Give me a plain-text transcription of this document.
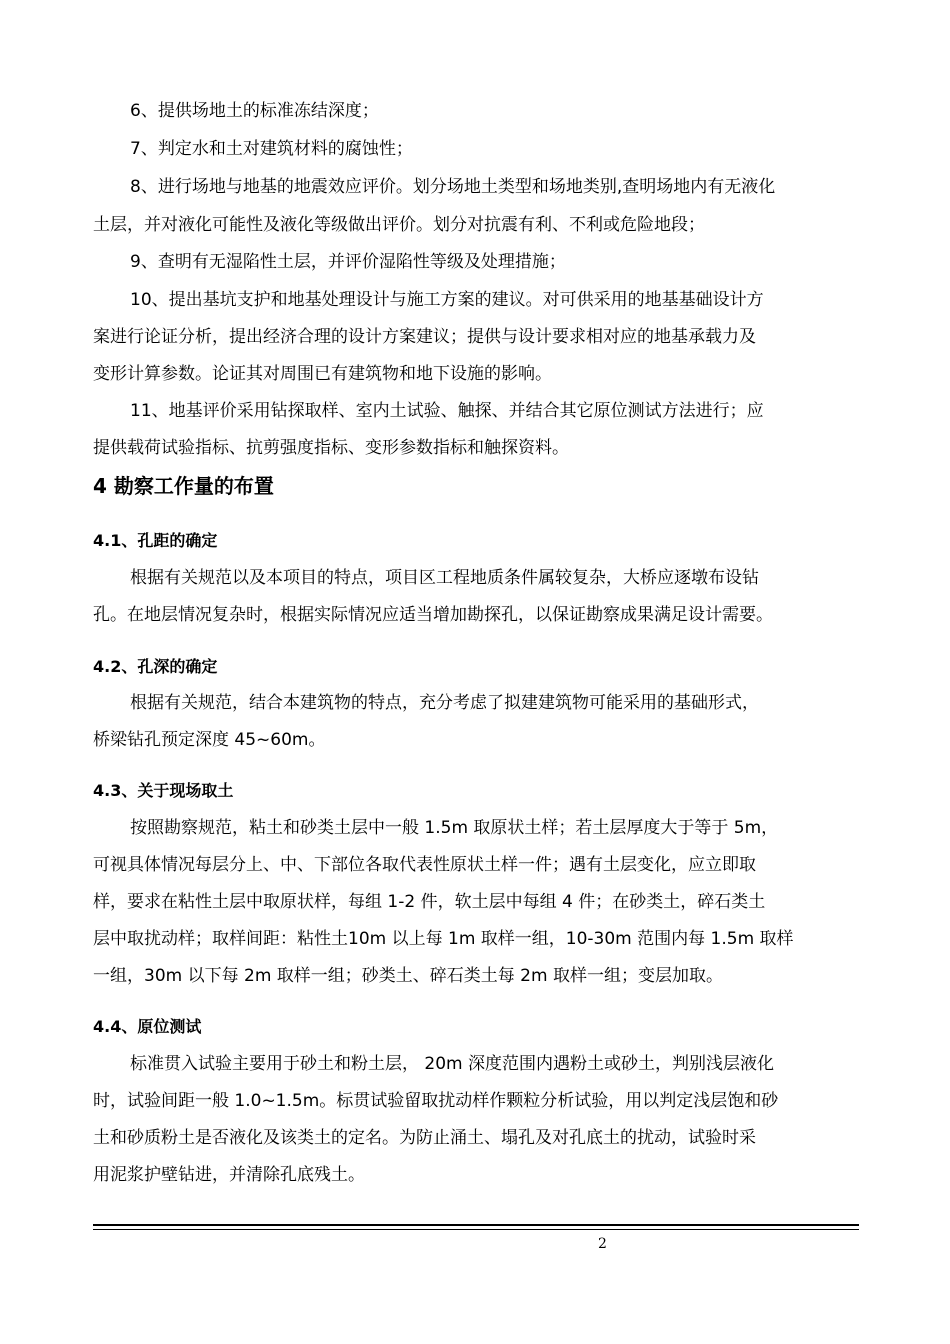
6、提供场地土的标准冻结深度；
7、判定水和土对建筑材料的腐蚀性；
8、进行场地与地基的地震效应评价。划分场地土类型和场地类别,查明场地内有无液化
土层，并对液化可能性及液化等级做出评价。划分对抗震有利、不利或危险地段；
9、查明有无湿陷性土层，并评价湿陷性等级及处理措施；
10、提出基坑支护和地基处理设计与施工方案的建议。对可供采用的地基基础设计方
案进行论证分析，提出经济合理的设计方案建议；提供与设计要求相对应的地基承载力及
变形计算参数。论证其对周围已有建筑物和地下设施的影响。
11、地基评价采用钻探取样、室内土试验、触探、并结合其它原位测试方法进行；应
提供载荷试验指标、抗剪强度指标、变形参数指标和触探资料。
4 勘察工作量的布置
4.1、孔距的确定
根据有关规范以及本项目的特点，项目区工程地质条件属较复杂，大桥应逐墩布设钻
孔。在地层情况复杂时，根据实际情况应适当增加勘探孔，以保证勘察成果满足设计需要。
4.2、孔深的确定
根据有关规范，结合本建筑物的特点，充分考虑了拟建建筑物可能采用的基础形式，
桥梁钻孔预定深度 45~60m。
4.3、关于现场取土
按照勘察规范，粘土和砂类土层中一般 1.5m 取原状土样；若土层厚度大于等于 5m，
可视具体情况每层分上、中、下部位各取代表性原状土样一件；遇有土层变化，应立即取
样，要求在粘性土层中取原状样，每组 1-2 件，软土层中每组 4 件；在砂类土，碎石类土
层中取扰动样；取样间距：粘性土10m 以上每 1m 取样一组，10-30m 范围内每 1.5m 取样
一组，30m 以下每 2m 取样一组；砂类土、碎石类土每 2m 取样一组；变层加取。
4.4、原位测试
标准贯入试验主要用于砂土和粉土层， 20m 深度范围内遇粉土或砂土，判别浅层液化
时，试验间距一般 1.0~1.5m。标贯试验留取扰动样作颗粒分析试验，用以判定浅层饱和砂
土和砂质粉土是否液化及该类土的定名。为防止涌土、塌孔及对孔底土的扰动，试验时采
用泥浆护壁钻进，并清除孔底残土。
2
